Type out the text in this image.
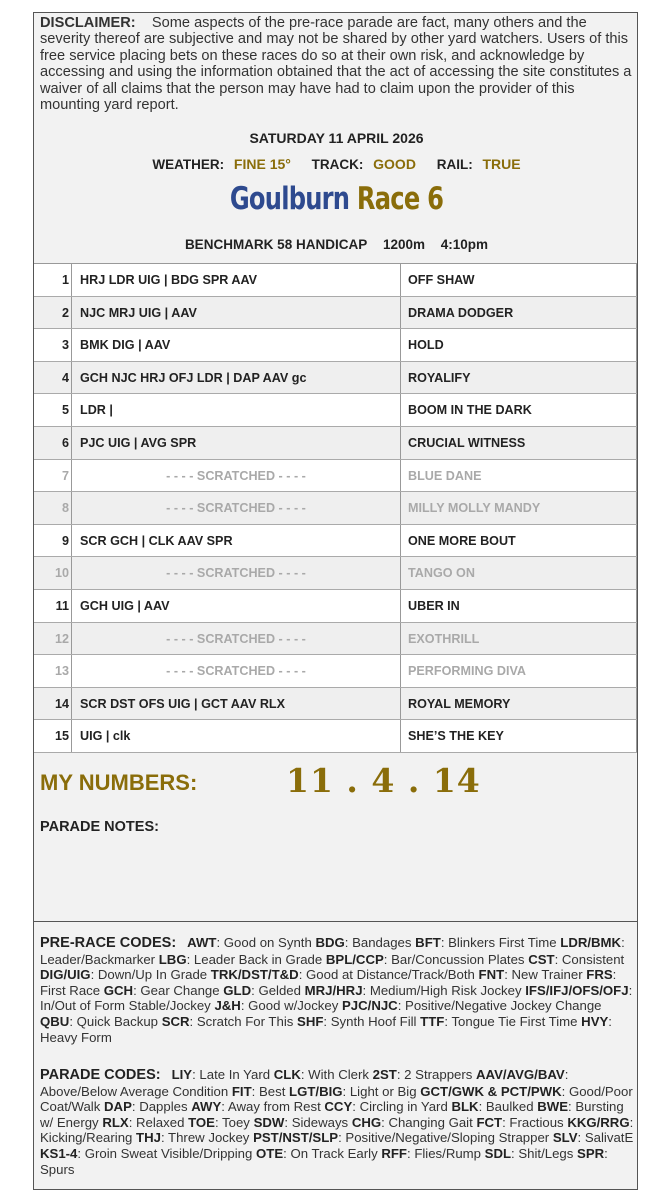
DISCLAIMER: Some aspects of the pre-race parade are fact, many others and the severity thereof are subjective and may not be shared by other yard watchers. Users of this free service placing bets on these races do so at their own risk, and acknowledge by accessing and using the information obtained that the act of accessing the site constitutes a waiver of all claims that the person may have had to claim upon the provider of this mounting yard report.
SATURDAY 11 APRIL 2026
WEATHER: FINE 15° TRACK: GOOD RAIL: TRUE
Goulburn Race 6
BENCHMARK 58 HANDICAP 1200m 4:10pm
1 HRJ LDR UIG | BDG SPR AAV	OFF SHAW
2 NJC MRJ UIG | AAV	DRAMA DODGER
3 BMK DIG | AAV	HOLD
4 GCH NJC HRJ OFJ LDR | DAP AAV gc	ROYALIFY
5 LDR |	BOOM IN THE DARK
6 PJC UIG | AVG SPR	CRUCIAL WITNESS
7	- - - - SCRATCHED - - - -	BLUE DANE
8	- - - - SCRATCHED - - - -	MILLY MOLLY MANDY
9 SCR GCH | CLK AAV SPR	ONE MORE BOUT
10	- - - - SCRATCHED - - - -	TANGO ON
11 GCH UIG | AAV	UBER IN
12	- - - - SCRATCHED - - - -	EXOTHRILL
13	- - - - SCRATCHED - - - -	PERFORMING DIVA
14 SCR DST OFS UIG | GCT AAV RLX	ROYAL MEMORY
15 UIG | clk	SHE’S THE KEY
MY NUMBERS:	11 . 4 . 14
PARADE NOTES:
PRE-RACE CODES: AWT: Good on Synth BDG: Bandages BFT: Blinkers First Time LDR/BMK: Leader/Backmarker LBG: Leader Back in Grade BPL/CCP: Bar/Concussion Plates CST: Consistent DIG/UIG: Down/Up In Grade TRK/DST/T&D: Good at Distance/Track/Both FNT: New Trainer FRS: First Race GCH: Gear Change GLD: Gelded MRJ/HRJ: Medium/High Risk Jockey IFS/IFJ/OFS/OFJ: In/Out of Form Stable/Jockey J&H: Good w/Jockey PJC/NJC: Positive/Negative Jockey Change QBU: Quick Backup SCR: Scratch For This SHF: Synth Hoof Fill TTF: Tongue Tie First Time HVY: Heavy Form
PARADE CODES: LIY: Late In Yard CLK: With Clerk 2ST: 2 Strappers AAV/AVG/BAV: Above/Below Average Condition FIT: Best LGT/BIG: Light or Big GCT/GWK & PCT/PWK: Good/Poor Coat/Walk DAP: Dapples AWY: Away from Rest CCY: Circling in Yard BLK: Baulked BWE: Bursting w/ Energy RLX: Relaxed TOE: Toey SDW: Sideways CHG: Changing Gait FCT: Fractious KKG/RRG: Kicking/Rearing THJ: Threw Jockey PST/NST/SLP: Positive/Negative/Sloping Strapper SLV: SalivatE KS1-4: Groin Sweat Visible/Dripping OTE: On Track Early RFF: Flies/Rump SDL: Shit/Legs SPR: Spurs
